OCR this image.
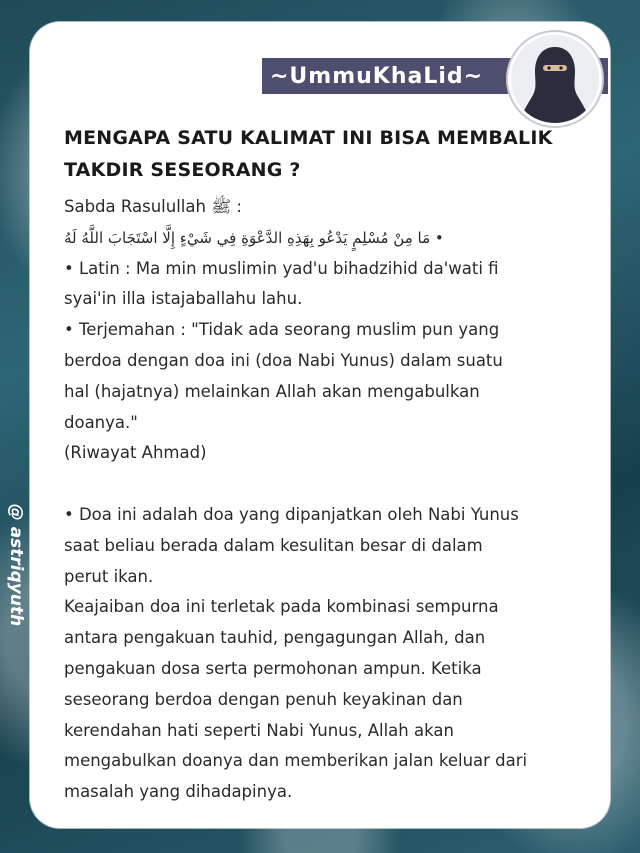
~UmmuKhaLid~
@ astriqyuth
MENGAPA SATU KALIMAT INI BISA MEMBALIK
TAKDIR SESEORANG ?

Sabda Rasulullah ﷺ :

• مَا مِنْ مُسْلِمٍ يَدْعُو بِهَذِهِ الدَّعْوَةِ فِي شَيْءٍ إِلَّا اسْتَجَابَ اللَّهُ لَهُ

• Latin : Ma min muslimin yad'u bihadzihid da'wati fi

syai'in illa istajaballahu lahu.

• Terjemahan : "Tidak ada seorang muslim pun yang

berdoa dengan doa ini (doa Nabi Yunus) dalam suatu

hal (hajatnya) melainkan Allah akan mengabulkan

doanya."

(Riwayat Ahmad)

• Doa ini adalah doa yang dipanjatkan oleh Nabi Yunus

saat beliau berada dalam kesulitan besar di dalam

perut ikan.

Keajaiban doa ini terletak pada kombinasi sempurna

antara pengakuan tauhid, pengagungan Allah, dan

pengakuan dosa serta permohonan ampun. Ketika

seseorang berdoa dengan penuh keyakinan dan

kerendahan hati seperti Nabi Yunus, Allah akan

mengabulkan doanya dan memberikan jalan keluar dari

masalah yang dihadapinya.
